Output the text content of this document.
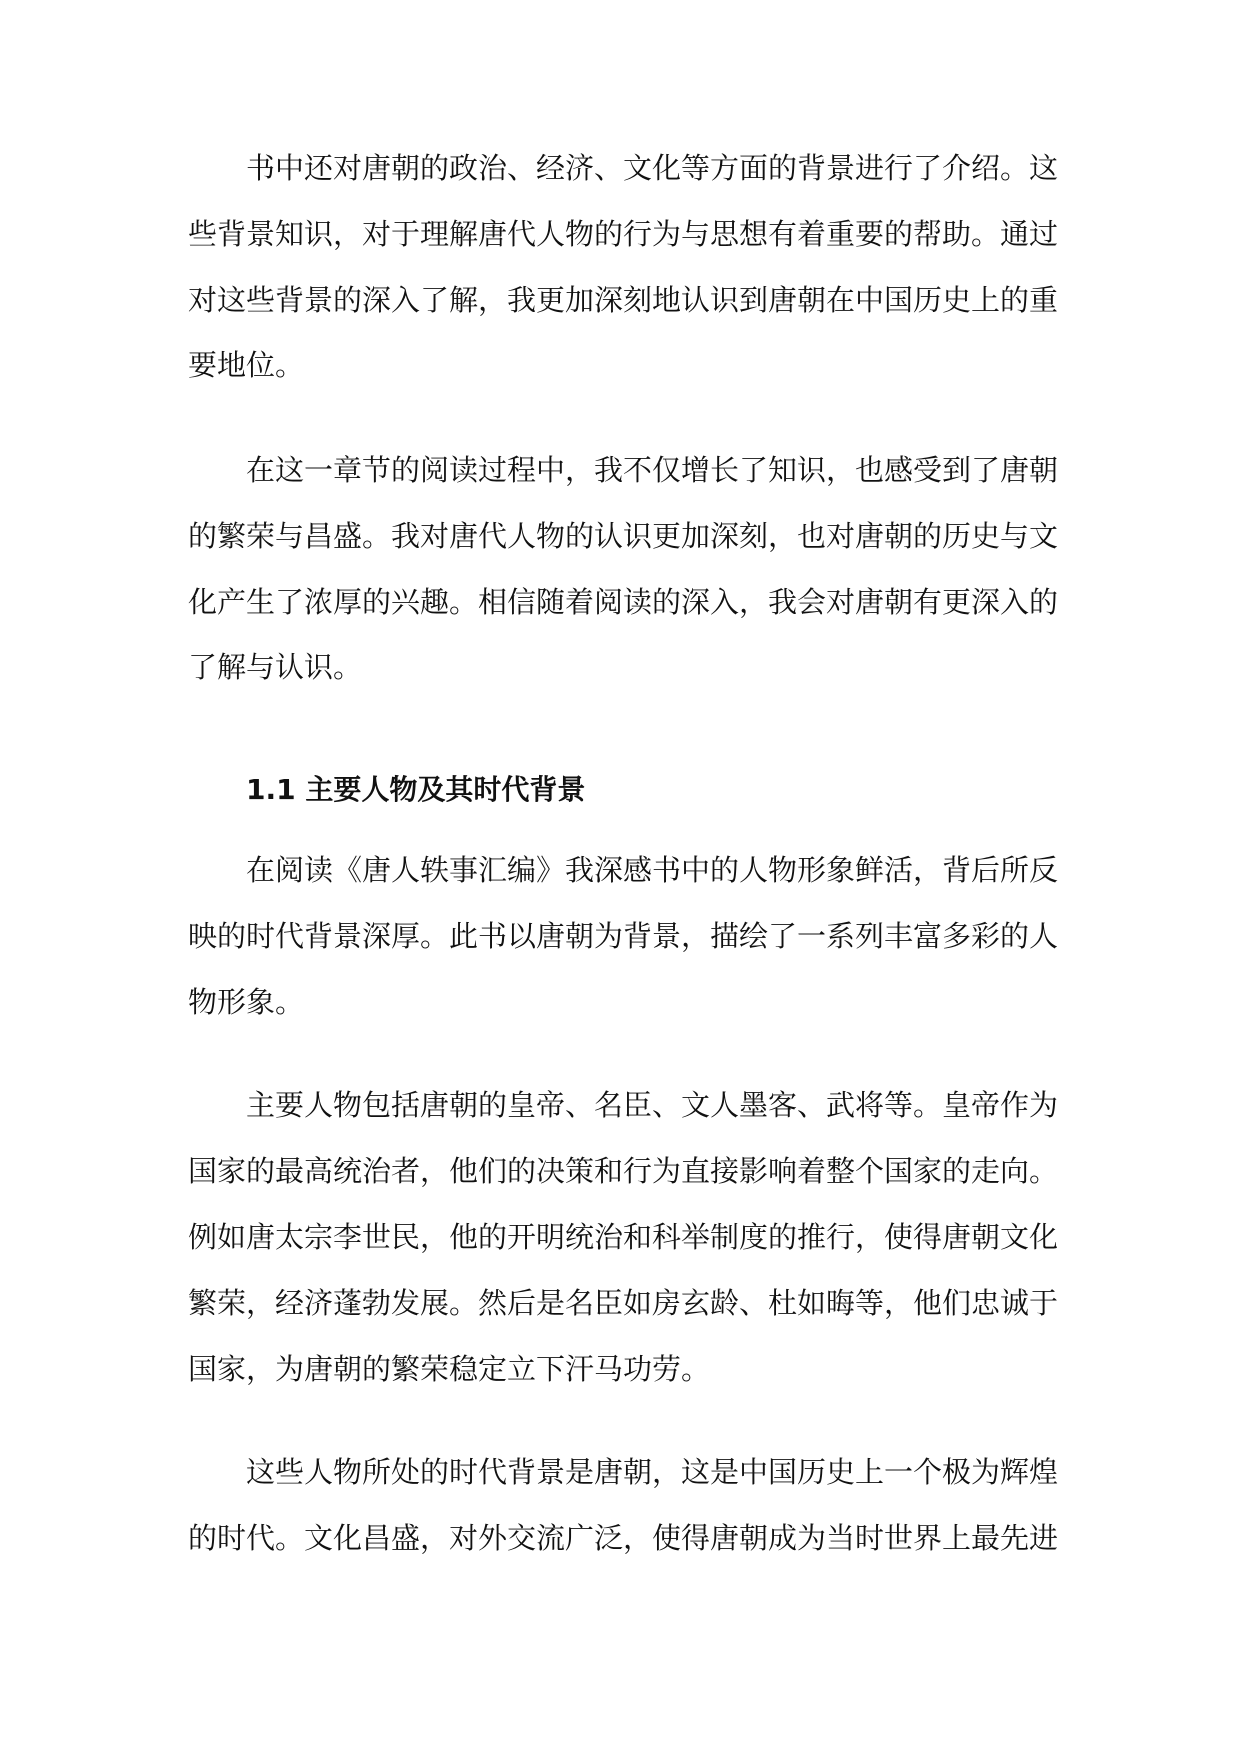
书中还对唐朝的政治、经济、文化等方面的背景进行了介绍。这
些背景知识，对于理解唐代人物的行为与思想有着重要的帮助。通过
对这些背景的深入了解，我更加深刻地认识到唐朝在中国历史上的重
要地位。
在这一章节的阅读过程中，我不仅增长了知识，也感受到了唐朝
的繁荣与昌盛。我对唐代人物的认识更加深刻，也对唐朝的历史与文
化产生了浓厚的兴趣。相信随着阅读的深入，我会对唐朝有更深入的
了解与认识。
1.1 主要人物及其时代背景
在阅读《唐人轶事汇编》我深感书中的人物形象鲜活，背后所反
映的时代背景深厚。此书以唐朝为背景，描绘了一系列丰富多彩的人
物形象。
主要人物包括唐朝的皇帝、名臣、文人墨客、武将等。皇帝作为
国家的最高统治者，他们的决策和行为直接影响着整个国家的走向。
例如唐太宗李世民，他的开明统治和科举制度的推行，使得唐朝文化
繁荣，经济蓬勃发展。然后是名臣如房玄龄、杜如晦等，他们忠诚于
国家，为唐朝的繁荣稳定立下汗马功劳。
这些人物所处的时代背景是唐朝，这是中国历史上一个极为辉煌
的时代。文化昌盛，对外交流广泛，使得唐朝成为当时世界上最先进
